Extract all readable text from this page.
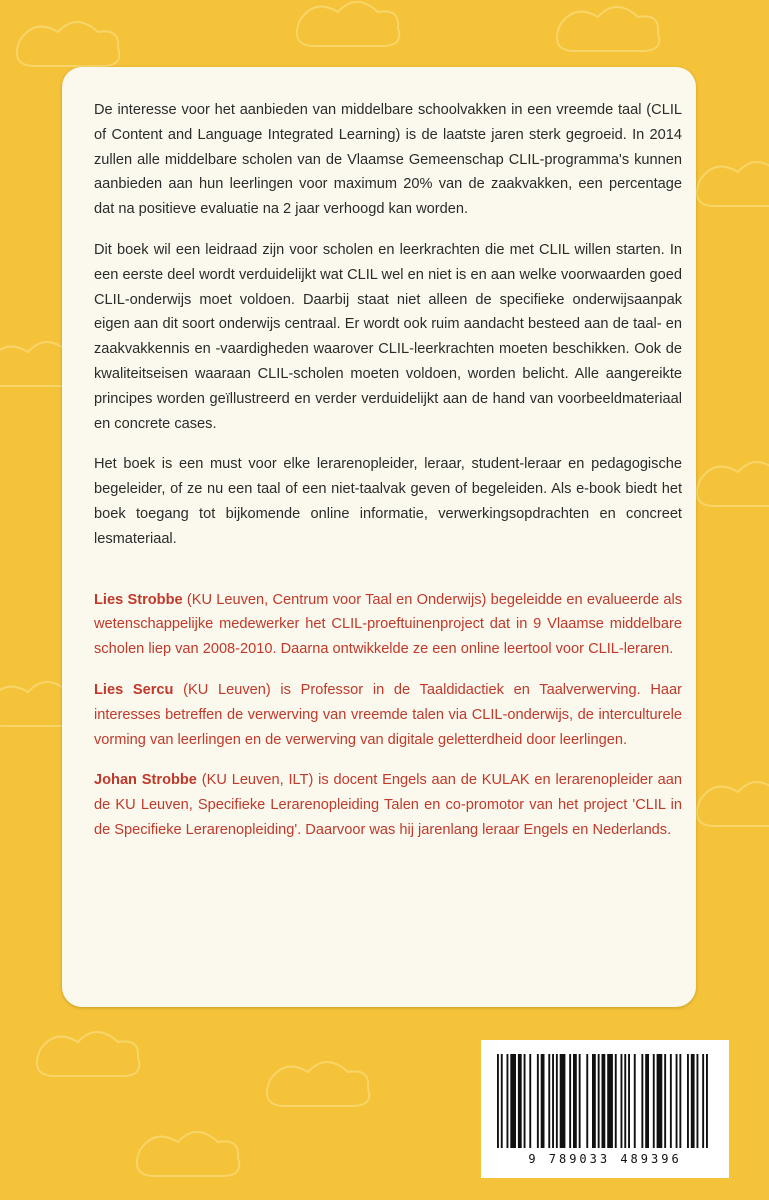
De interesse voor het aanbieden van middelbare schoolvakken in een vreemde taal (CLIL of Content and Language Integrated Learning) is de laatste jaren sterk gegroeid. In 2014 zullen alle middelbare scholen van de Vlaamse Gemeenschap CLIL-programma's kunnen aanbieden aan hun leerlingen voor maximum 20% van de zaakvakken, een percentage dat na positieve evaluatie na 2 jaar verhoogd kan worden.

Dit boek wil een leidraad zijn voor scholen en leerkrachten die met CLIL willen starten. In een eerste deel wordt verduidelijkt wat CLIL wel en niet is en aan welke voorwaarden goed CLIL-onderwijs moet voldoen. Daarbij staat niet alleen de specifieke onderwijsaanpak eigen aan dit soort onderwijs centraal. Er wordt ook ruim aandacht besteed aan de taal- en zaakvakkennis en -vaardigheden waarover CLIL-leerkrachten moeten beschikken. Ook de kwaliteitseisen waaraan CLIL-scholen moeten voldoen, worden belicht. Alle aangereikte principes worden geïllustreerd en verder verduidelijkt aan de hand van voorbeeldmateriaal en concrete cases.

Het boek is een must voor elke lerarenopleider, leraar, student-leraar en pedagogische begeleider, of ze nu een taal of een niet-taalvak geven of begeleiden. Als e-book biedt het boek toegang tot bijkomende online informatie, verwerkingsopdrachten en concreet lesmateriaal.

Lies Strobbe (KU Leuven, Centrum voor Taal en Onderwijs) begeleidde en evalueerde als wetenschappelijke medewerker het CLIL-proeftuinenproject dat in 9 Vlaamse middelbare scholen liep van 2008-2010. Daarna ontwikkelde ze een online leertool voor CLIL-leraren.

Lies Sercu (KU Leuven) is Professor in de Taaldidactiek en Taalverwerving. Haar interesses betreffen de verwerving van vreemde talen via CLIL-onderwijs, de interculturele vorming van leerlingen en de verwerving van digitale geletterdheid door leerlingen.

Johan Strobbe (KU Leuven, ILT) is docent Engels aan de KULAK en lerarenopleider aan de KU Leuven, Specifieke Lerarenopleiding Talen en co-promotor van het project 'CLIL in de Specifieke Lerarenopleiding'. Daarvoor was hij jarenlang leraar Engels en Nederlands.

9 789033 489396
